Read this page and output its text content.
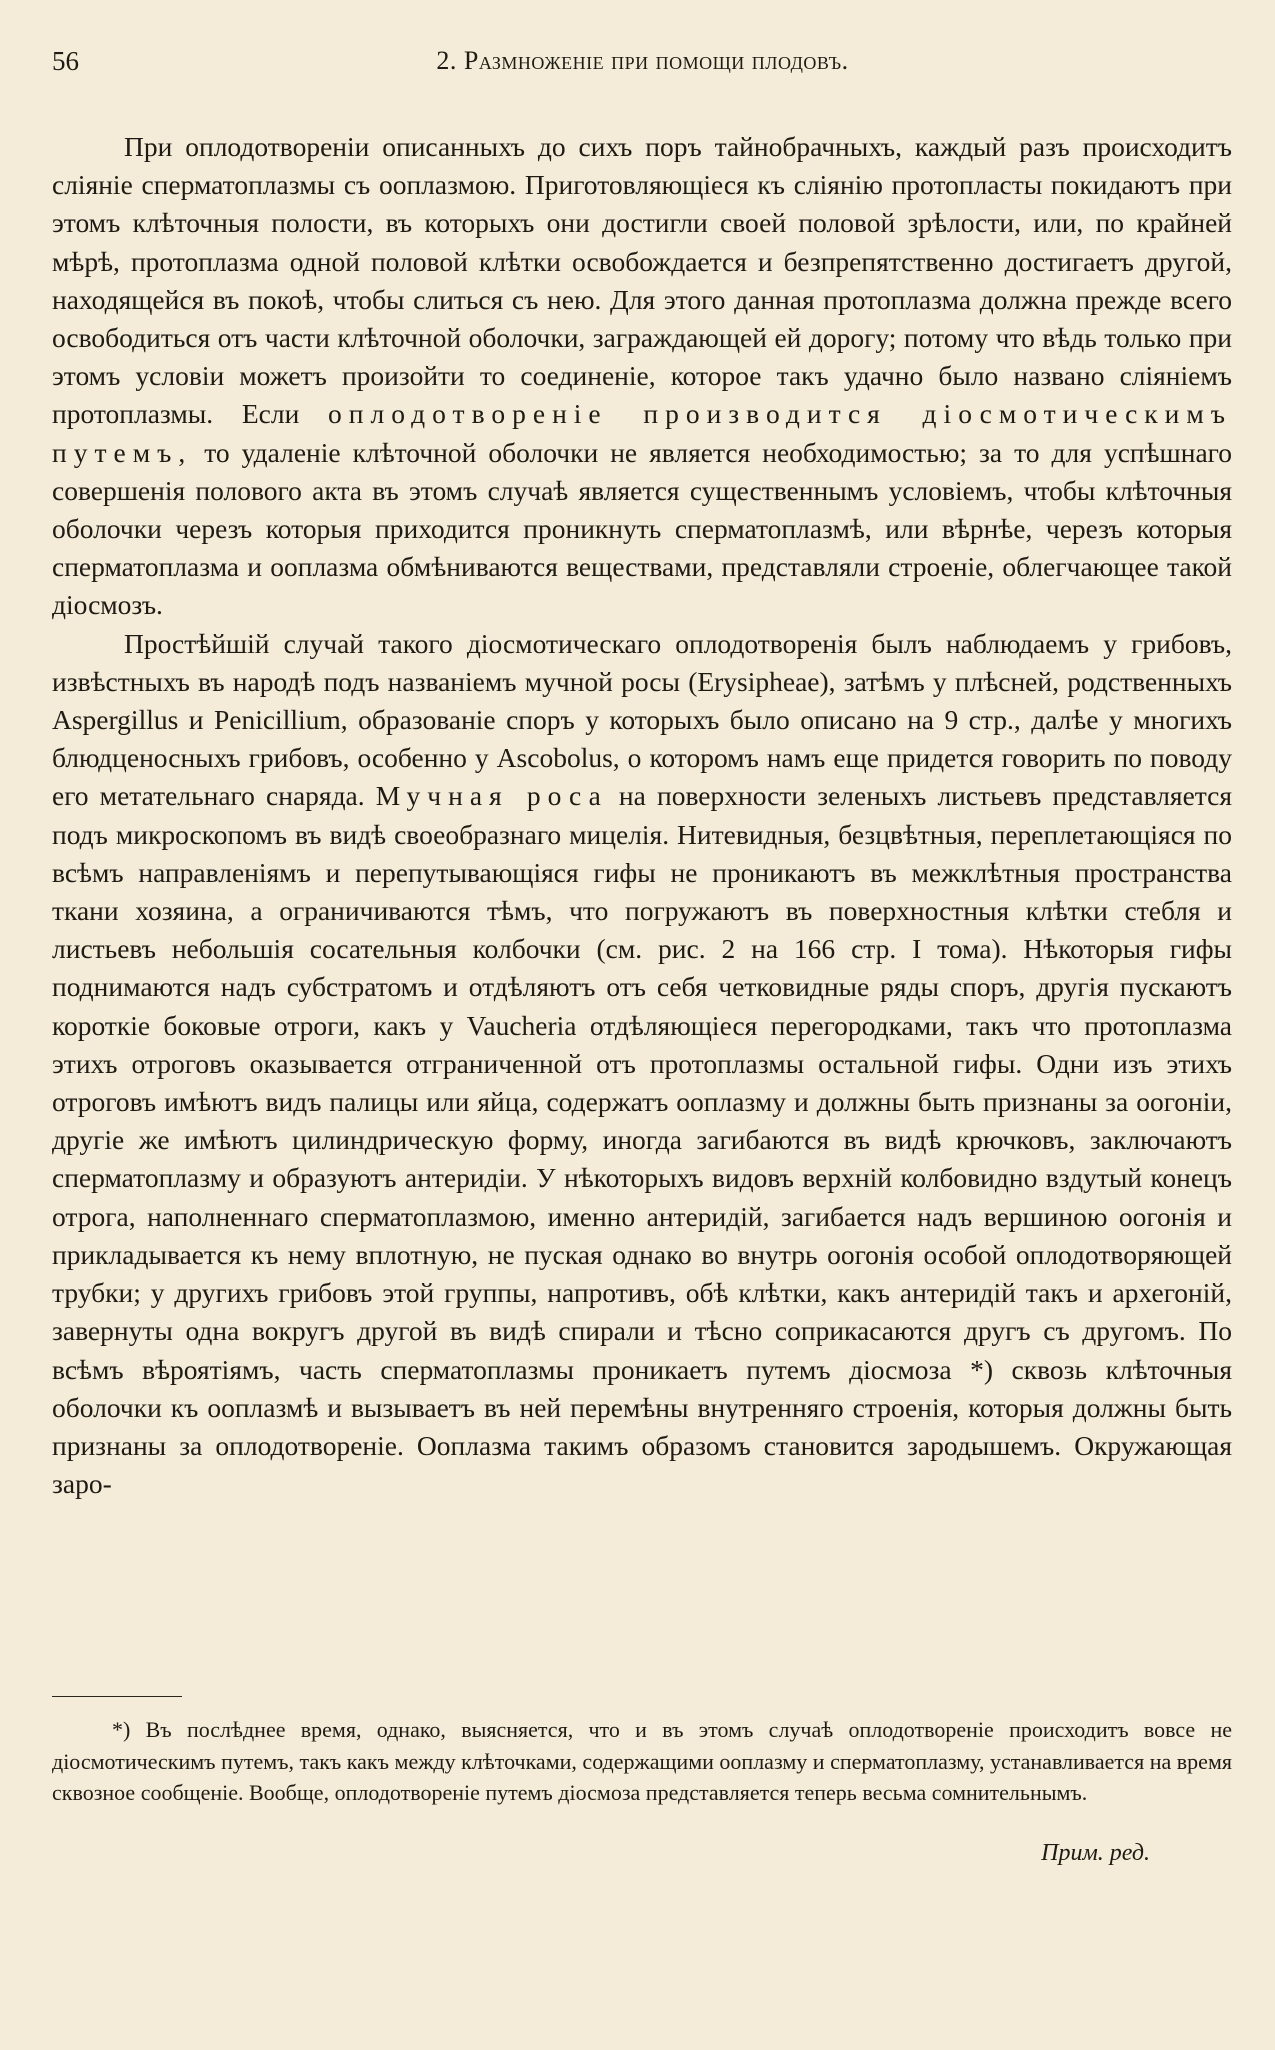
56	2. Размноженіе при помощи плодовъ.

При оплодотвореніи описанныхъ до сихъ поръ тайнобрачныхъ, каждый разъ происходитъ сліяніе сперматоплазмы съ ооплазмою. Приготовляющіеся къ сліянію протопласты покидаютъ при этомъ клѣточныя полости, въ которыхъ они достигли своей половой зрѣлости, или, по крайней мѣрѣ, протоплазма одной половой клѣтки освобождается и безпрепятственно достигаетъ другой, находящейся въ покоѣ, чтобы слиться съ нею. Для этого данная протоплазма должна прежде всего освободиться отъ части клѣточной оболочки, заграждающей ей дорогу; потому что вѣдь только при этомъ условіи можетъ произойти то соединеніе, которое такъ удачно было названо сліяніемъ протоплазмы. Если оплодотвореніе производится діосмотическимъ путемъ, то удаленіе клѣточной оболочки не является необходимостью; за то для успѣшнаго совершенія полового акта въ этомъ случаѣ является существеннымъ условіемъ, чтобы клѣточныя оболочки черезъ которыя приходится проникнуть сперматоплазмѣ, или вѣрнѣе, черезъ которыя сперматоплазма и ооплазма обмѣниваются веществами, представляли строеніе, облегчающее такой діосмозъ.

Простѣйшій случай такого діосмотическаго оплодотворенія былъ наблюдаемъ у грибовъ, извѣстныхъ въ народѣ подъ названіемъ мучной росы (Erysipheae), затѣмъ у плѣсней, родственныхъ Aspergillus и Penicillium, образованіе споръ у которыхъ было описано на 9 стр., далѣе у многихъ блюдценосныхъ грибовъ, особенно у Ascobolus, о которомъ намъ еще придется говорить по поводу его метательнаго снаряда. Мучная роса на поверхности зеленыхъ листьевъ представляется подъ микроскопомъ въ видѣ своеобразнаго мицелія. Нитевидныя, безцвѣтныя, переплетающіяся по всѣмъ направленіямъ и перепутывающіяся гифы не проникаютъ въ межклѣтныя пространства ткани хозяина, а ограничиваются тѣмъ, что погружаютъ въ поверхностныя клѣтки стебля и листьевъ небольшія сосательныя колбочки (см. рис. 2 на 166 стр. I тома). Нѣкоторыя гифы поднимаются надъ субстратомъ и отдѣляютъ отъ себя четковидные ряды споръ, другія пускаютъ короткіе боковые отроги, какъ у Vaucheria отдѣляющіеся перегородками, такъ что протоплазма этихъ отроговъ оказывается отграниченной отъ протоплазмы остальной гифы. Одни изъ этихъ отроговъ имѣютъ видъ палицы или яйца, содержатъ ооплазму и должны быть признаны за оогоніи, другіе же имѣютъ цилиндрическую форму, иногда загибаются въ видѣ крючковъ, заключаютъ сперматоплазму и образуютъ антеридіи. У нѣкоторыхъ видовъ верхній колбовидно вздутый конецъ отрога, наполненнаго сперматоплазмою, именно антеридій, загибается надъ вершиною оогонія и прикладывается къ нему вплотную, не пуская однако во внутрь оогонія особой оплодотворяющей трубки; у другихъ грибовъ этой группы, напротивъ, обѣ клѣтки, какъ антеридій такъ и архегоній, завернуты одна вокругъ другой въ видѣ спирали и тѣсно соприкасаются другъ съ другомъ. По всѣмъ вѣроятіямъ, часть сперматоплазмы проникаетъ путемъ діосмоза *) сквозь клѣточныя оболочки къ ооплазмѣ и вызываетъ въ ней перемѣны внутренняго строенія, которыя должны быть признаны за оплодотвореніе. Ооплазма такимъ образомъ становится зародышемъ. Окружающая заро-

*) Въ послѣднее время, однако, выясняется, что и въ этомъ случаѣ оплодотвореніе происходитъ вовсе не діосмотическимъ путемъ, такъ какъ между клѣточками, содержащими ооплазму и сперматоплазму, устанавливается на время сквозное сообщеніе. Вообще, оплодотвореніе путемъ діосмоза представляется теперь весьма сомнительнымъ.

Прим. ред.
